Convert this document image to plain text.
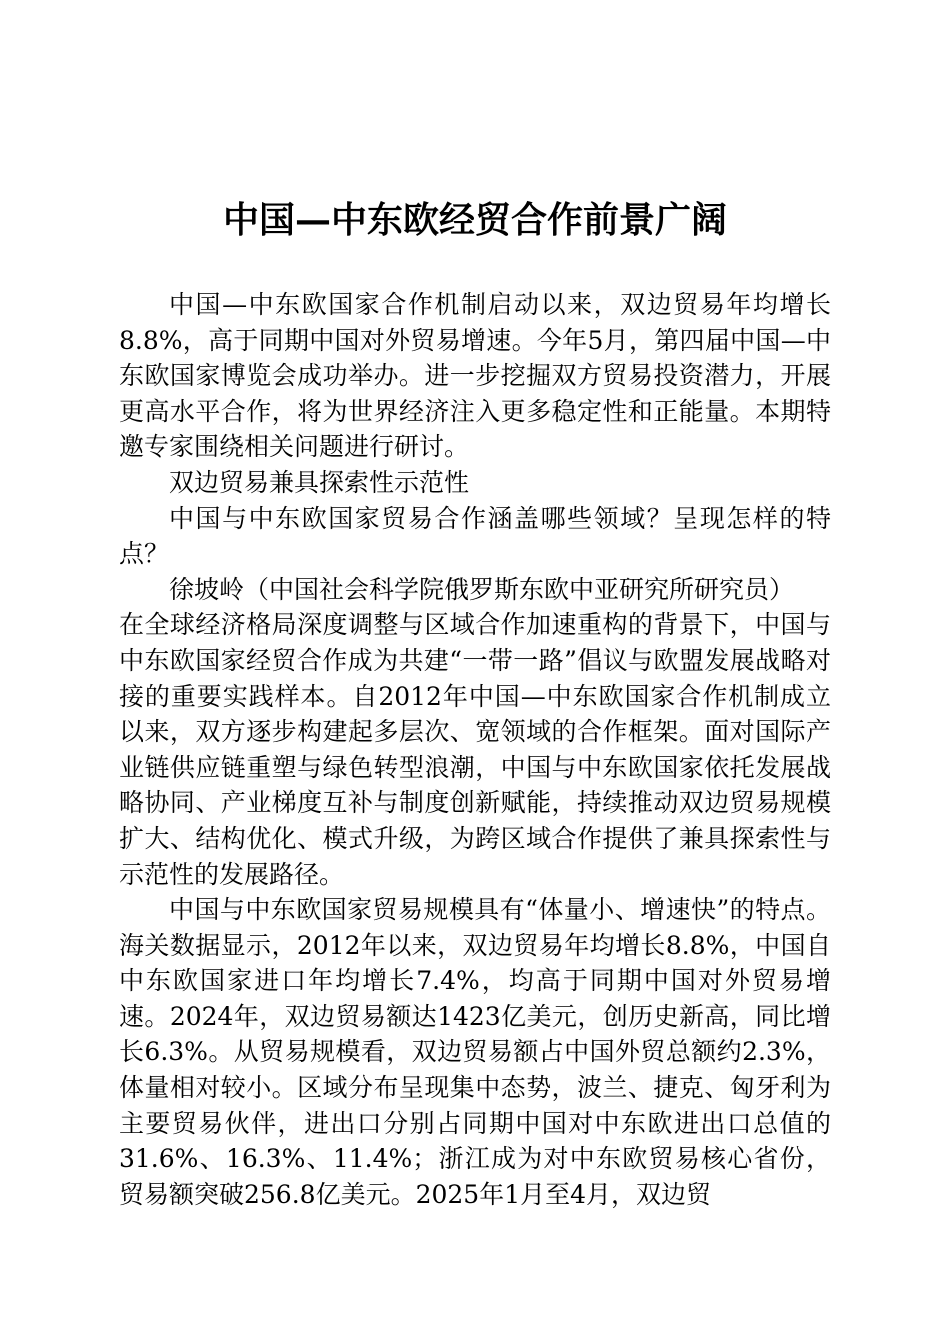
中国—中东欧经贸合作前景广阔

中国—中东欧国家合作机制启动以来，双边贸易年均增长8.8%，高于同期中国对外贸易增速。今年5月，第四届中国—中东欧国家博览会成功举办。进一步挖掘双方贸易投资潜力，开展更高水平合作，将为世界经济注入更多稳定性和正能量。本期特邀专家围绕相关问题进行研讨。

双边贸易兼具探索性示范性

中国与中东欧国家贸易合作涵盖哪些领域？呈现怎样的特点？

徐坡岭（中国社会科学院俄罗斯东欧中亚研究所研究员）

在全球经济格局深度调整与区域合作加速重构的背景下，中国与中东欧国家经贸合作成为共建“一带一路”倡议与欧盟发展战略对接的重要实践样本。自2012年中国—中东欧国家合作机制成立以来，双方逐步构建起多层次、宽领域的合作框架。面对国际产业链供应链重塑与绿色转型浪潮，中国与中东欧国家依托发展战略协同、产业梯度互补与制度创新赋能，持续推动双边贸易规模扩大、结构优化、模式升级，为跨区域合作提供了兼具探索性与示范性的发展路径。

中国与中东欧国家贸易规模具有“体量小、增速快”的特点。海关数据显示，2012年以来，双边贸易年均增长8.8%，中国自中东欧国家进口年均增长7.4%，均高于同期中国对外贸易增速。2024年，双边贸易额达1423亿美元，创历史新高，同比增长6.3%。从贸易规模看，双边贸易额占中国外贸总额约2.3%，体量相对较小。区域分布呈现集中态势，波兰、捷克、匈牙利为主要贸易伙伴，进出口分别占同期中国对中东欧进出口总值的31.6%、16.3%、11.4%；浙江成为对中东欧贸易核心省份，贸易额突破256.8亿美元。2025年1月至4月，双边贸
